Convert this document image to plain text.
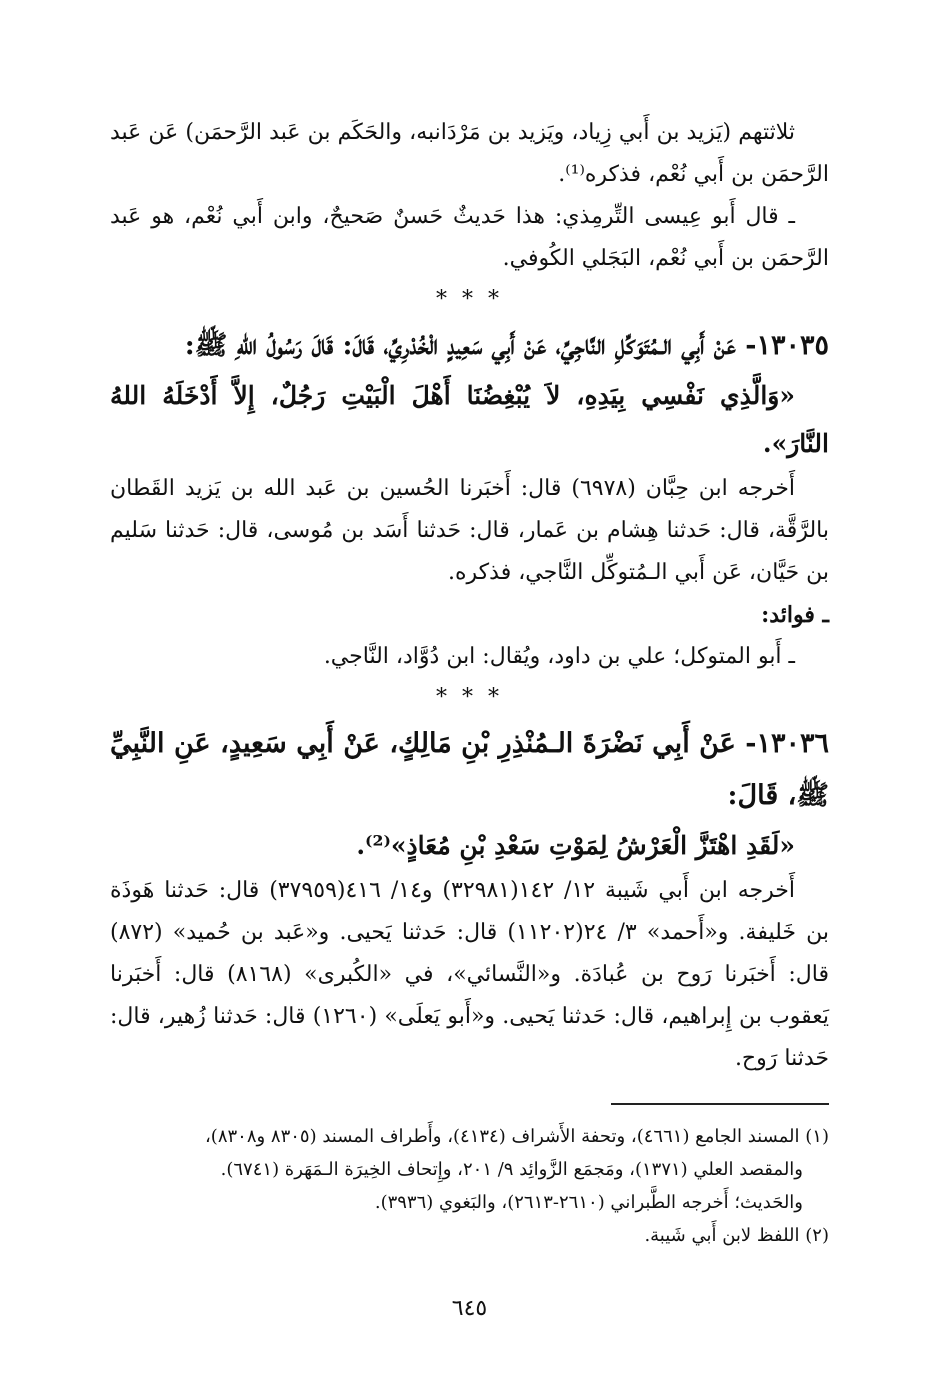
ثلاثتهم (يَزيد بن أَبي زِياد، ويَزيد بن مَرْدَانبه، والحَكَم بن عَبد الرَّحمَن) عَن عَبد الرَّحمَن بن أَبي نُعْم، فذكره⁽¹⁾.

ـ قال أَبو عِيسى التِّرمِذي: هذا حَديثٌ حَسنٌ صَحيحٌ، وابن أَبي نُعْم، هو عَبد الرَّحمَن بن أَبي نُعْم، البَجَلي الكُوفي.

* * *

١٣٠٣٥- عَنْ أَبِي الـمُتَوَكِّلِ النَّاجِيِّ، عَنْ أَبِي سَعِيدٍ الْخُدْرِيِّ، قَالَ: قَالَ رَسُولُ اللهِ ﷺ:

«وَالَّذِي نَفْسِي بِيَدِهِ، لاَ يُبْغِضُنَا أَهْلَ الْبَيْتِ رَجُلٌ، إِلاَّ أَدْخَلَهُ اللهُ النَّارَ».

أَخرجه ابن حِبَّان (٦٩٧٨) قال: أَخبَرنا الحُسين بن عَبد الله بن يَزيد القَطان بالرَّقَّة، قال: حَدثنا هِشام بن عَمار، قال: حَدثنا أَسَد بن مُوسى، قال: حَدثنا سَليم بن حَيَّان، عَن أَبي الـمُتوكِّل النَّاجي، فذكره.

ـ فوائد:

ـ أَبو المتوكل؛ علي بن داود، ويُقال: ابن دُوَّاد، النَّاجي.

* * *

١٣٠٣٦- عَنْ أَبِي نَضْرَةَ الـمُنْذِرِ بْنِ مَالِكٍ، عَنْ أَبِي سَعِيدٍ، عَنِ النَّبِيِّ ﷺ، قَالَ:

«لَقَدِ اهْتَزَّ الْعَرْشُ لِمَوْتِ سَعْدِ بْنِ مُعَاذٍ»⁽²⁾.

أَخرجه ابن أَبي شَيبة ١٢/ ١٤٢(٣٢٩٨١) و١٤/ ٤١٦(٣٧٩٥٩) قال: حَدثنا هَوذَة بن خَليفة. و«أَحمد» ٣/ ٢٤(١١٢٠٢) قال: حَدثنا يَحيى. و«عَبد بن حُميد» (٨٧٢) قال: أَخبَرنا رَوح بن عُبادَة. و«النَّسائي»، في «الكُبرى» (٨١٦٨) قال: أَخبَرنا يَعقوب بن إِبراهيم، قال: حَدثنا يَحيى. و«أَبو يَعلَى» (١٢٦٠) قال: حَدثنا زُهير، قال: حَدثنا رَوح.

(١) المسند الجامع (٤٦٦١)، وتحفة الأَشراف (٤١٣٤)، وأَطراف المسند (٨٣٠٥ و٨٣٠٨)،

والمقصد العلي (١٣٧١)، ومَجمَع الزَّوائِد ٩/ ٢٠١، وإِتحاف الخِيرَة الـمَهَرة (٦٧٤١).

والحَديث؛ أَخرجه الطَّبراني (٢٦١٠-٢٦١٣)، والبَغوي (٣٩٣٦).

(٢) اللفظ لابن أَبي شَيبة.

٦٤٥
